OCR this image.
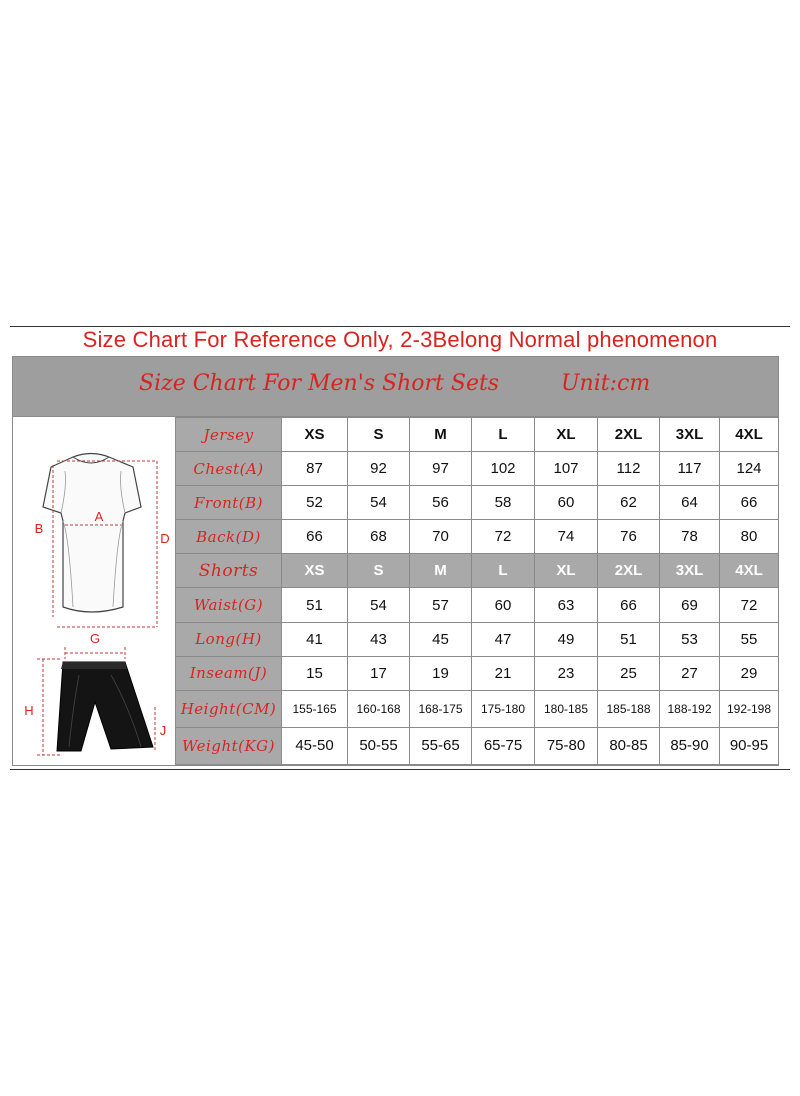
Size Chart For Reference Only, 2-3Belong Normal phenomenon
Size Chart For Men's Short Sets	Unit:cm
A
B
D
G
H
J
Jersey	XS	S	M	L	XL	2XL	3XL	4XL
Chest(A)	87	92	97	102	107	112	117	124
Front(B)	52	54	56	58	60	62	64	66
Back(D)	66	68	70	72	74	76	78	80
Shorts	XS	S	M	L	XL	2XL	3XL	4XL
Waist(G)	51	54	57	60	63	66	69	72
Long(H)	41	43	45	47	49	51	53	55
Inseam(J)	15	17	19	21	23	25	27	29
Height(CM)	155-165	160-168	168-175	175-180	180-185	185-188	188-192	192-198
Weight(KG)	45-50	50-55	55-65	65-75	75-80	80-85	85-90	90-95
